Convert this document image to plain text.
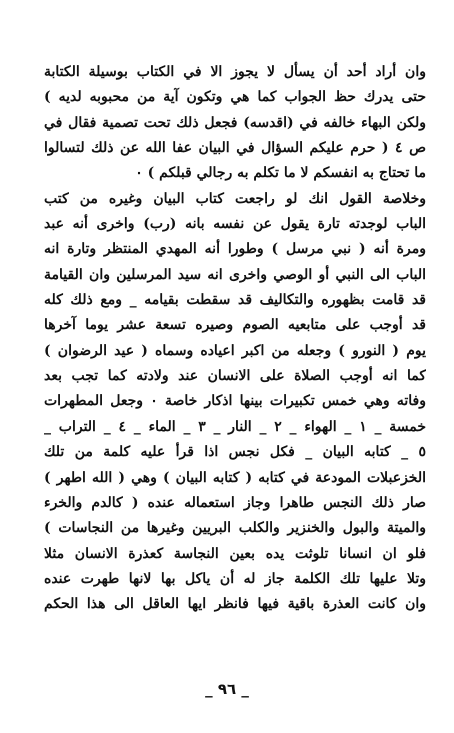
وان أراد أحد أن يسأل لا يجوز الا في الكتاب بوسيلة الكتابة
حتى يدرك حظ الجواب كما هي وتكون آية من محبوبه لديه )
ولكن البهاء خالفه في (اقدسه) فجعل ذلك تحت تصمية فقال في
ص ٤ ( حرم عليكم السؤال في البيان عفا الله عن ذلك لتسالوا
ما تحتاج به انفسكم لا ما تكلم به رجالي قبلكم ) ٠
وخلاصة القول انك لو راجعت كتاب البيان وغيره من كتب
الباب لوجدته تارة يقول عن نفسه بانه (رب) واخرى أنه عبد
ومرة أنه ( نبي مرسل ) وطورا أنه المهدي المنتظر وتارة انه
الباب الى النبي أو الوصي واخرى انه سيد المرسلين وان القيامة
قد قامت بظهوره والتكاليف قد سقطت بقيامه _ ومع ذلك كله
قد أوجب على متابعيه الصوم وصيره تسعة عشر يوما آخرها
يوم ( النورو ) وجعله من اكبر اعياده وسماه ( عيد الرضوان )
كما انه أوجب الصلاة على الانسان عند ولادته كما تجب بعد
وفاته وهي خمس تكبيرات بينها اذكار خاصة ٠ وجعل المطهرات
خمسة _ ١ _ الهواء _ ٢ _ النار _ ٣ _ الماء _ ٤ _ التراب _
٥ _ كتابه البيان _ فكل نجس اذا قرأ عليه كلمة من تلك
الخزعبلات المودعة في كتابه ( كتابه البيان ) وهي ( الله اطهر )
صار ذلك النجس طاهرا وجاز استعماله عنده ( كالدم والخرء
والميتة والبول والخنزير والكلب البريين وغيرها من النجاسات )
فلو ان انسانا تلوثت يده بعين النجاسة كعذرة الانسان مثلا
وتلا عليها تلك الكلمة جاز له أن ياكل بها لانها طهرت عنده
وان كانت العذرة باقية فيها فانظر ايها العاقل الى هذا الحكم
_ ٩٦ _
